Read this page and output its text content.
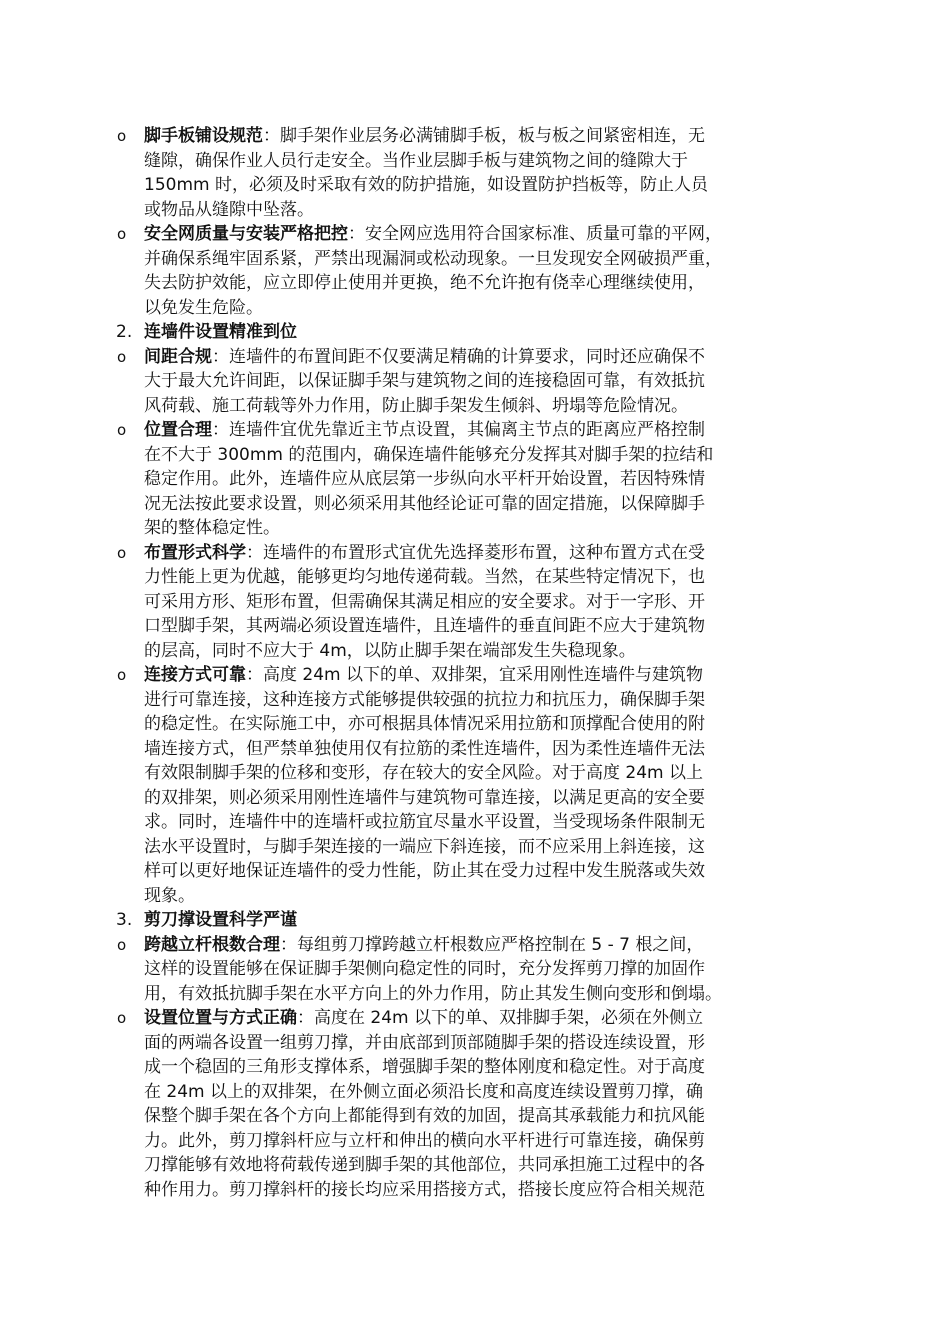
o 脚手板铺设规范：脚手架作业层务必满铺脚手板，板与板之间紧密相连，无
缝隙，确保作业人员行走安全。当作业层脚手板与建筑物之间的缝隙大于
150mm 时，必须及时采取有效的防护措施，如设置防护挡板等，防止人员
或物品从缝隙中坠落。
o 安全网质量与安装严格把控：安全网应选用符合国家标准、质量可靠的平网，
并确保系绳牢固系紧，严禁出现漏洞或松动现象。一旦发现安全网破损严重，
失去防护效能，应立即停止使用并更换，绝不允许抱有侥幸心理继续使用，
以免发生危险。
2. 连墙件设置精准到位
o 间距合规：连墙件的布置间距不仅要满足精确的计算要求，同时还应确保不
大于最大允许间距，以保证脚手架与建筑物之间的连接稳固可靠，有效抵抗
风荷载、施工荷载等外力作用，防止脚手架发生倾斜、坍塌等危险情况。
o 位置合理：连墙件宜优先靠近主节点设置，其偏离主节点的距离应严格控制
在不大于 300mm 的范围内，确保连墙件能够充分发挥其对脚手架的拉结和
稳定作用。此外，连墙件应从底层第一步纵向水平杆开始设置，若因特殊情
况无法按此要求设置，则必须采用其他经论证可靠的固定措施，以保障脚手
架的整体稳定性。
o 布置形式科学：连墙件的布置形式宜优先选择菱形布置，这种布置方式在受
力性能上更为优越，能够更均匀地传递荷载。当然，在某些特定情况下，也
可采用方形、矩形布置，但需确保其满足相应的安全要求。对于一字形、开
口型脚手架，其两端必须设置连墙件，且连墙件的垂直间距不应大于建筑物
的层高，同时不应大于 4m，以防止脚手架在端部发生失稳现象。
o 连接方式可靠：高度 24m 以下的单、双排架，宜采用刚性连墙件与建筑物
进行可靠连接，这种连接方式能够提供较强的抗拉力和抗压力，确保脚手架
的稳定性。在实际施工中，亦可根据具体情况采用拉筋和顶撑配合使用的附
墙连接方式，但严禁单独使用仅有拉筋的柔性连墙件，因为柔性连墙件无法
有效限制脚手架的位移和变形，存在较大的安全风险。对于高度 24m 以上
的双排架，则必须采用刚性连墙件与建筑物可靠连接，以满足更高的安全要
求。同时，连墙件中的连墙杆或拉筋宜尽量水平设置，当受现场条件限制无
法水平设置时，与脚手架连接的一端应下斜连接，而不应采用上斜连接，这
样可以更好地保证连墙件的受力性能，防止其在受力过程中发生脱落或失效
现象。
3. 剪刀撑设置科学严谨
o 跨越立杆根数合理：每组剪刀撑跨越立杆根数应严格控制在 5 - 7 根之间，
这样的设置能够在保证脚手架侧向稳定性的同时，充分发挥剪刀撑的加固作
用，有效抵抗脚手架在水平方向上的外力作用，防止其发生侧向变形和倒塌。
o 设置位置与方式正确：高度在 24m 以下的单、双排脚手架，必须在外侧立
面的两端各设置一组剪刀撑，并由底部到顶部随脚手架的搭设连续设置，形
成一个稳固的三角形支撑体系，增强脚手架的整体刚度和稳定性。对于高度
在 24m 以上的双排架，在外侧立面必须沿长度和高度连续设置剪刀撑，确
保整个脚手架在各个方向上都能得到有效的加固，提高其承载能力和抗风能
力。此外，剪刀撑斜杆应与立杆和伸出的横向水平杆进行可靠连接，确保剪
刀撑能够有效地将荷载传递到脚手架的其他部位，共同承担施工过程中的各
种作用力。剪刀撑斜杆的接长均应采用搭接方式，搭接长度应符合相关规范
